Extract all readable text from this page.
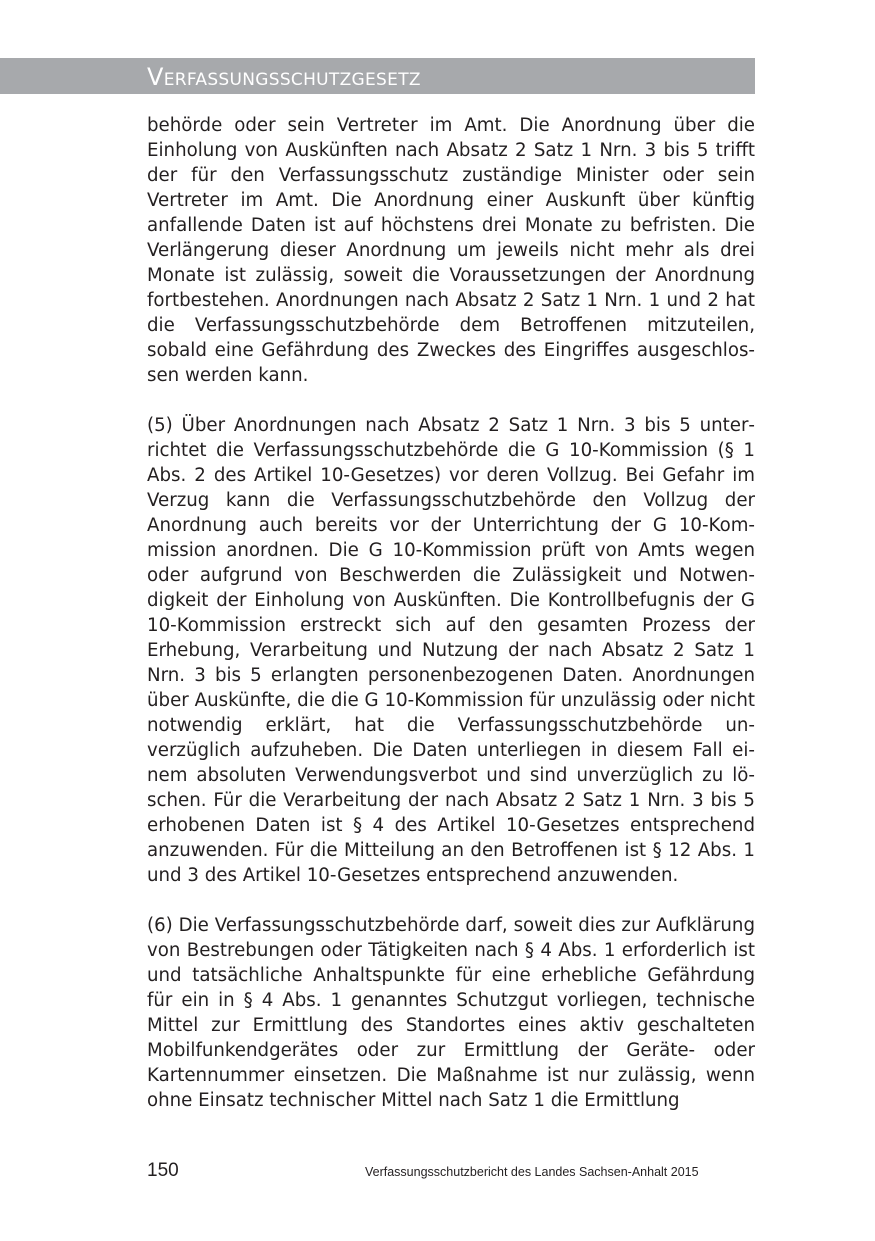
Verfassungsschutzgesetz

behörde oder sein Vertreter im Amt. Die Anordnung über die Einholung von Auskünften nach Absatz 2 Satz 1 Nrn. 3 bis 5 trifft der für den Verfassungsschutz zuständige Minister oder sein Vertreter im Amt. Die Anordnung einer Auskunft über künftig anfallende Daten ist auf höchstens drei Monate zu befristen. Die Verlängerung dieser Anordnung um jeweils nicht mehr als drei Monate ist zulässig, soweit die Voraussetzungen der Anordnung fortbestehen. Anordnungen nach Absatz 2 Satz 1 Nrn. 1 und 2 hat die Verfassungsschutzbehörde dem Betroffenen mitzuteilen, sobald eine Gefährdung des Zweckes des Eingriffes ausgeschlossen werden kann.

(5) Über Anordnungen nach Absatz 2 Satz 1 Nrn. 3 bis 5 unterrichtet die Verfassungsschutzbehörde die G 10-Kommission (§ 1 Abs. 2 des Artikel 10-Gesetzes) vor deren Vollzug. Bei Gefahr im Verzug kann die Verfassungsschutzbehörde den Vollzug der Anordnung auch bereits vor der Unterrichtung der G 10-Kommission anordnen. Die G 10-Kommission prüft von Amts wegen oder aufgrund von Beschwerden die Zulässigkeit und Notwendigkeit der Einholung von Auskünften. Die Kontrollbefugnis der G 10-Kommission erstreckt sich auf den gesamten Prozess der Erhebung, Verarbeitung und Nutzung der nach Absatz 2 Satz 1 Nrn. 3 bis 5 erlangten personenbezogenen Daten. Anordnungen über Auskünfte, die die G 10-Kommission für unzulässig oder nicht notwendig erklärt, hat die Verfassungsschutzbehörde unverzüglich aufzuheben. Die Daten unterliegen in diesem Fall einem absoluten Verwendungsverbot und sind unverzüglich zu löschen. Für die Verarbeitung der nach Absatz 2 Satz 1 Nrn. 3 bis 5 erhobenen Daten ist § 4 des Artikel 10-Gesetzes entsprechend anzuwenden. Für die Mitteilung an den Betroffenen ist § 12 Abs. 1 und 3 des Artikel 10-Gesetzes entsprechend anzuwenden.

(6) Die Verfassungsschutzbehörde darf, soweit dies zur Aufklärung von Bestrebungen oder Tätigkeiten nach § 4 Abs. 1 erforderlich ist und tatsächliche Anhaltspunkte für eine erhebliche Gefährdung für ein in § 4 Abs. 1 genanntes Schutzgut vorliegen, technische Mittel zur Ermittlung des Standortes eines aktiv geschalteten Mobilfunkendgerätes oder zur Ermittlung der Geräte- oder Kartennummer einsetzen. Die Maßnahme ist nur zulässig, wenn ohne Einsatz technischer Mittel nach Satz 1 die Ermittlung

150	Verfassungsschutzbericht des Landes Sachsen-Anhalt 2015
